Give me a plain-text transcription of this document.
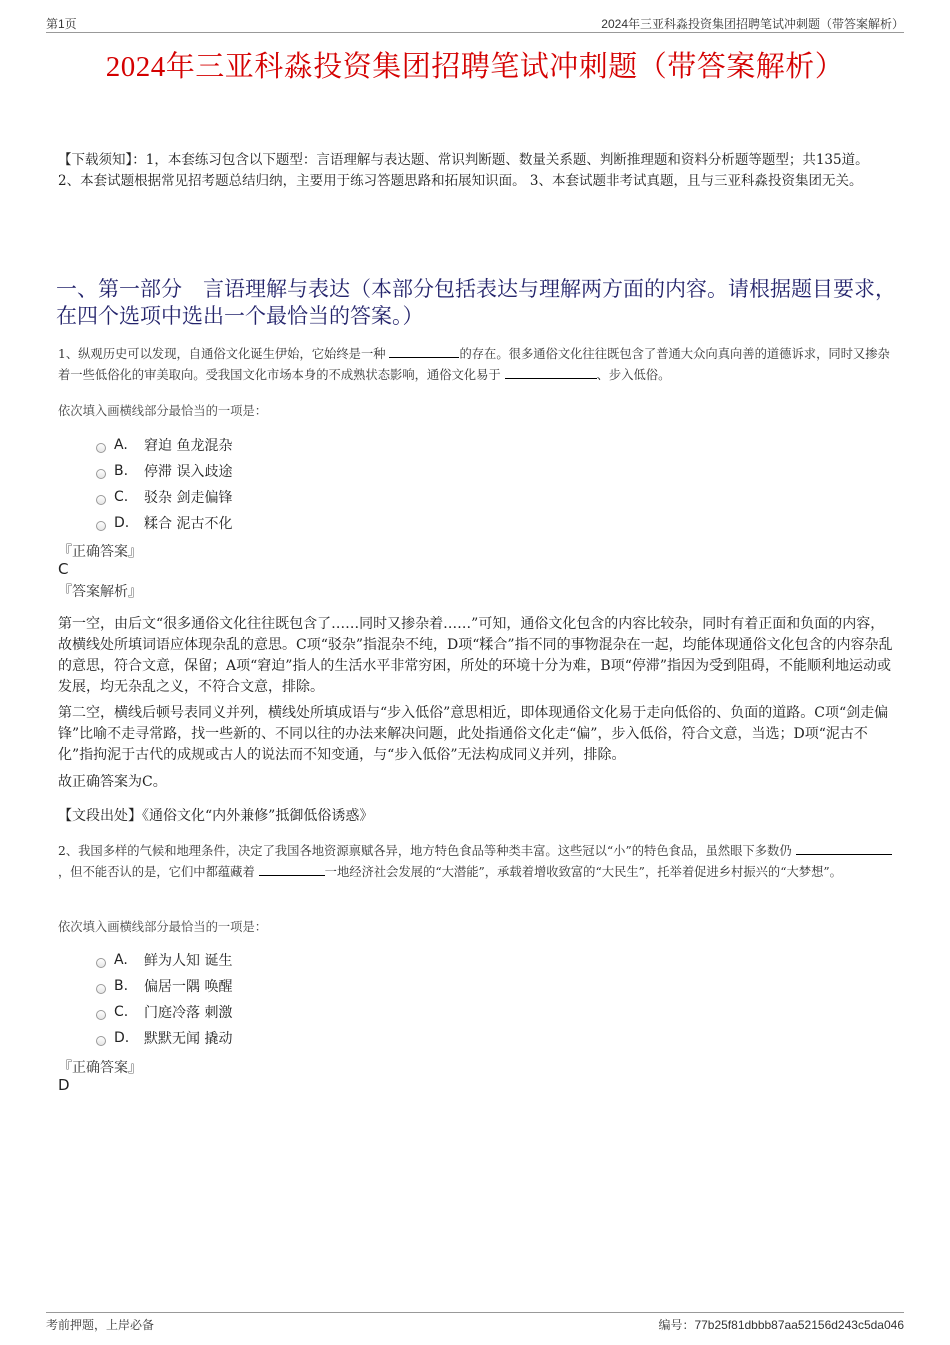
第1页	2024年三亚科淼投资集团招聘笔试冲刺题（带答案解析）
2024年三亚科淼投资集团招聘笔试冲刺题（带答案解析）
【下载须知】：1，本套练习包含以下题型：言语理解与表达题、常识判断题、数量关系题、判断推理题和资料分析题等题型；共135道。 2、本套试题根据常见招考题总结归纳，主要用于练习答题思路和拓展知识面。 3、本套试题非考试真题，且与三亚科淼投资集团无关。
一、第一部分　言语理解与表达（本部分包括表达与理解两方面的内容。请根据题目要求，在四个选项中选出一个最恰当的答案。）
1、纵观历史可以发现，自通俗文化诞生伊始，它始终是一种	的存在。很多通俗文化往往既包含了普通大众向真向善的道德诉求，同时又掺杂着一些低俗化的审美取向。受我国文化市场本身的不成熟状态影响，通俗文化易于	、步入低俗。
依次填入画横线部分最恰当的一项是：
A.	窘迫 鱼龙混杂
B.	停滞 误入歧途
C.	驳杂 剑走偏锋
D.	糅合 泥古不化
『正确答案』
C
『答案解析』
第一空，由后文“很多通俗文化往往既包含了……同时又掺杂着……”可知，通俗文化包含的内容比较杂，同时有着正面和负面的内容，故横线处所填词语应体现杂乱的意思。C项“驳杂”指混杂不纯，D项“糅合”指不同的事物混杂在一起，均能体现通俗文化包含的内容杂乱的意思，符合文意，保留；A项“窘迫”指人的生活水平非常穷困，所处的环境十分为难，B项“停滞”指因为受到阻碍，不能顺利地运动或发展，均无杂乱之义，不符合文意，排除。
第二空，横线后顿号表同义并列，横线处所填成语与“步入低俗”意思相近，即体现通俗文化易于走向低俗的、负面的道路。C项“剑走偏锋”比喻不走寻常路，找一些新的、不同以往的办法来解决问题，此处指通俗文化走“偏”，步入低俗，符合文意，当选；D项“泥古不化”指拘泥于古代的成规或古人的说法而不知变通，与“步入低俗”无法构成同义并列，排除。
故正确答案为C。
【文段出处】《通俗文化“内外兼修”抵御低俗诱惑》
2、我国多样的气候和地理条件，决定了我国各地资源禀赋各异，地方特色食品等种类丰富。这些冠以“小”的特色食品，虽然眼下多数仍 ，但不能否认的是，它们中都蕴藏着	一地经济社会发展的“大潜能”，承载着增收致富的“大民生”，托举着促进乡村振兴的“大梦想”。
依次填入画横线部分最恰当的一项是：
A.	鲜为人知 诞生
B.	偏居一隅 唤醒
C.	门庭冷落 刺激
D.	默默无闻 撬动
『正确答案』
D
考前押题，上岸必备	编号：77b25f81dbbb87aa52156d243c5da046
